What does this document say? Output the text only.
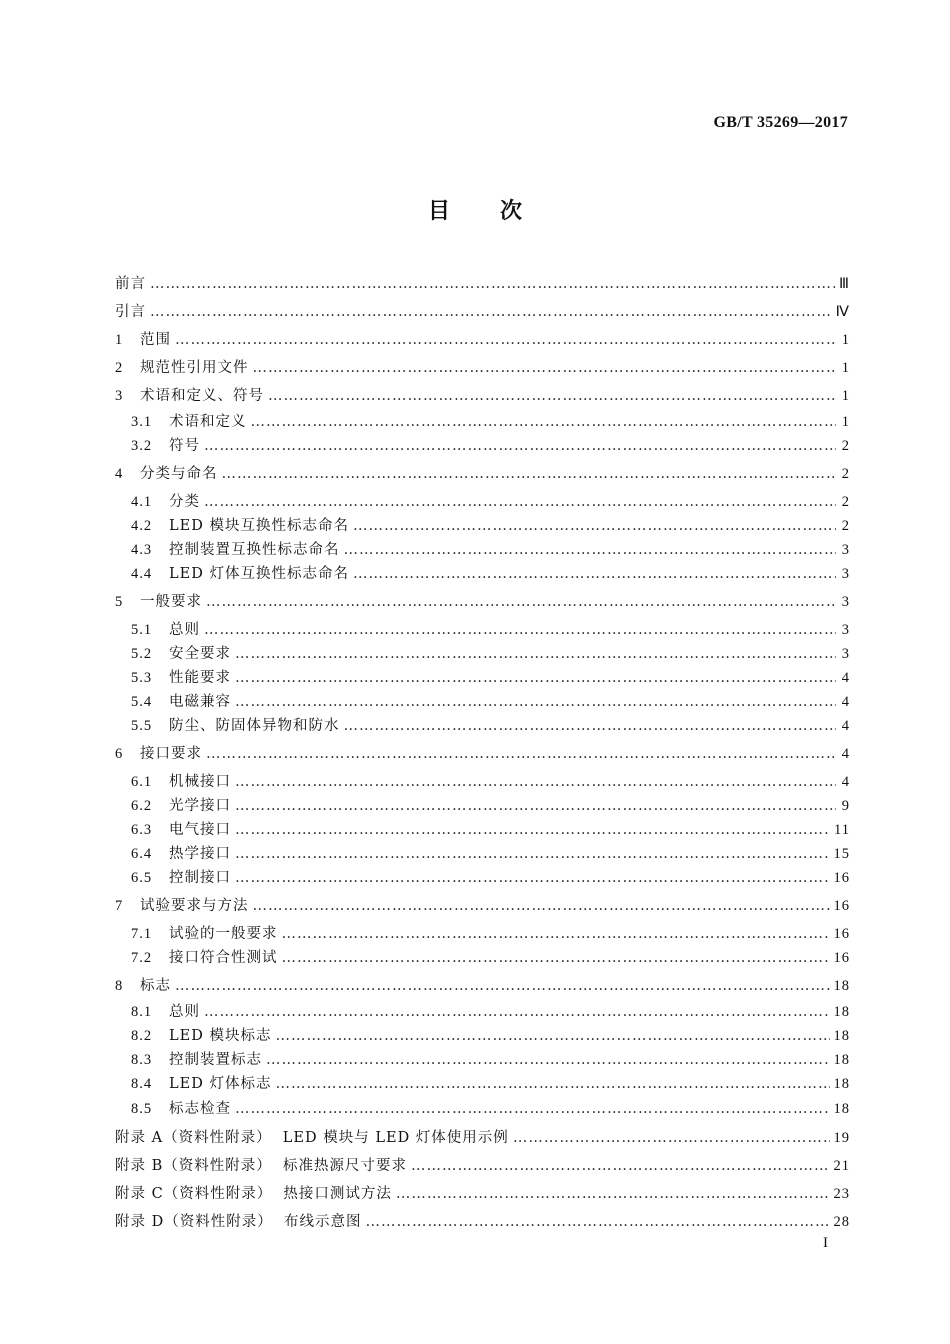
GB/T 35269—2017
目次
前言 ………………………………………………………………………………………………………………………………………………………………………………………………………………	Ⅲ
引言 ………………………………………………………………………………………………………………………………………………………………………………………………………………	Ⅳ
1	范围 ………………………………………………………………………………………………………………………………………………………………………………………………………………	1
2	规范性引用文件 ………………………………………………………………………………………………………………………………………………………………………………………………………………	1
3	术语和定义、符号 ………………………………………………………………………………………………………………………………………………………………………………………………………………	1
3.1	术语和定义 ………………………………………………………………………………………………………………………………………………………………………………………………………………	1
3.2	符号 ………………………………………………………………………………………………………………………………………………………………………………………………………………	2
4	分类与命名 ………………………………………………………………………………………………………………………………………………………………………………………………………………	2
4.1	分类 ………………………………………………………………………………………………………………………………………………………………………………………………………………	2
4.2	LED 模块互换性标志命名 ………………………………………………………………………………………………………………………………………………………………………………………………………………	2
4.3	控制装置互换性标志命名 ………………………………………………………………………………………………………………………………………………………………………………………………………………	3
4.4	LED 灯体互换性标志命名 ………………………………………………………………………………………………………………………………………………………………………………………………………………	3
5	一般要求 ………………………………………………………………………………………………………………………………………………………………………………………………………………	3
5.1	总则 ………………………………………………………………………………………………………………………………………………………………………………………………………………	3
5.2	安全要求 ………………………………………………………………………………………………………………………………………………………………………………………………………………	3
5.3	性能要求 ………………………………………………………………………………………………………………………………………………………………………………………………………………	4
5.4	电磁兼容 ………………………………………………………………………………………………………………………………………………………………………………………………………………	4
5.5	防尘、防固体异物和防水 ………………………………………………………………………………………………………………………………………………………………………………………………………………	4
6	接口要求 ………………………………………………………………………………………………………………………………………………………………………………………………………………	4
6.1	机械接口 ………………………………………………………………………………………………………………………………………………………………………………………………………………	4
6.2	光学接口 ………………………………………………………………………………………………………………………………………………………………………………………………………………	9
6.3	电气接口 ………………………………………………………………………………………………………………………………………………………………………………………………………………	11
6.4	热学接口 ………………………………………………………………………………………………………………………………………………………………………………………………………………	15
6.5	控制接口 ………………………………………………………………………………………………………………………………………………………………………………………………………………	16
7	试验要求与方法 ………………………………………………………………………………………………………………………………………………………………………………………………………………	16
7.1	试验的一般要求 ………………………………………………………………………………………………………………………………………………………………………………………………………………	16
7.2	接口符合性测试 ………………………………………………………………………………………………………………………………………………………………………………………………………………	16
8	标志 ………………………………………………………………………………………………………………………………………………………………………………………………………………	18
8.1	总则 ………………………………………………………………………………………………………………………………………………………………………………………………………………	18
8.2	LED 模块标志 ………………………………………………………………………………………………………………………………………………………………………………………………………………	18
8.3	控制装置标志 ………………………………………………………………………………………………………………………………………………………………………………………………………………	18
8.4	LED 灯体标志 ………………………………………………………………………………………………………………………………………………………………………………………………………………	18
8.5	标志检查 ………………………………………………………………………………………………………………………………………………………………………………………………………………	18
附录 A（资料性附录）  LED 模块与 LED 灯体使用示例 ………………………………………………………………………………………………………………………………………………………………………………………………………………	19
附录 B（资料性附录）  标准热源尺寸要求 ………………………………………………………………………………………………………………………………………………………………………………………………………………	21
附录 C（资料性附录）  热接口测试方法 ………………………………………………………………………………………………………………………………………………………………………………………………………………	23
附录 D（资料性附录）  布线示意图 ………………………………………………………………………………………………………………………………………………………………………………………………………………	28
I
